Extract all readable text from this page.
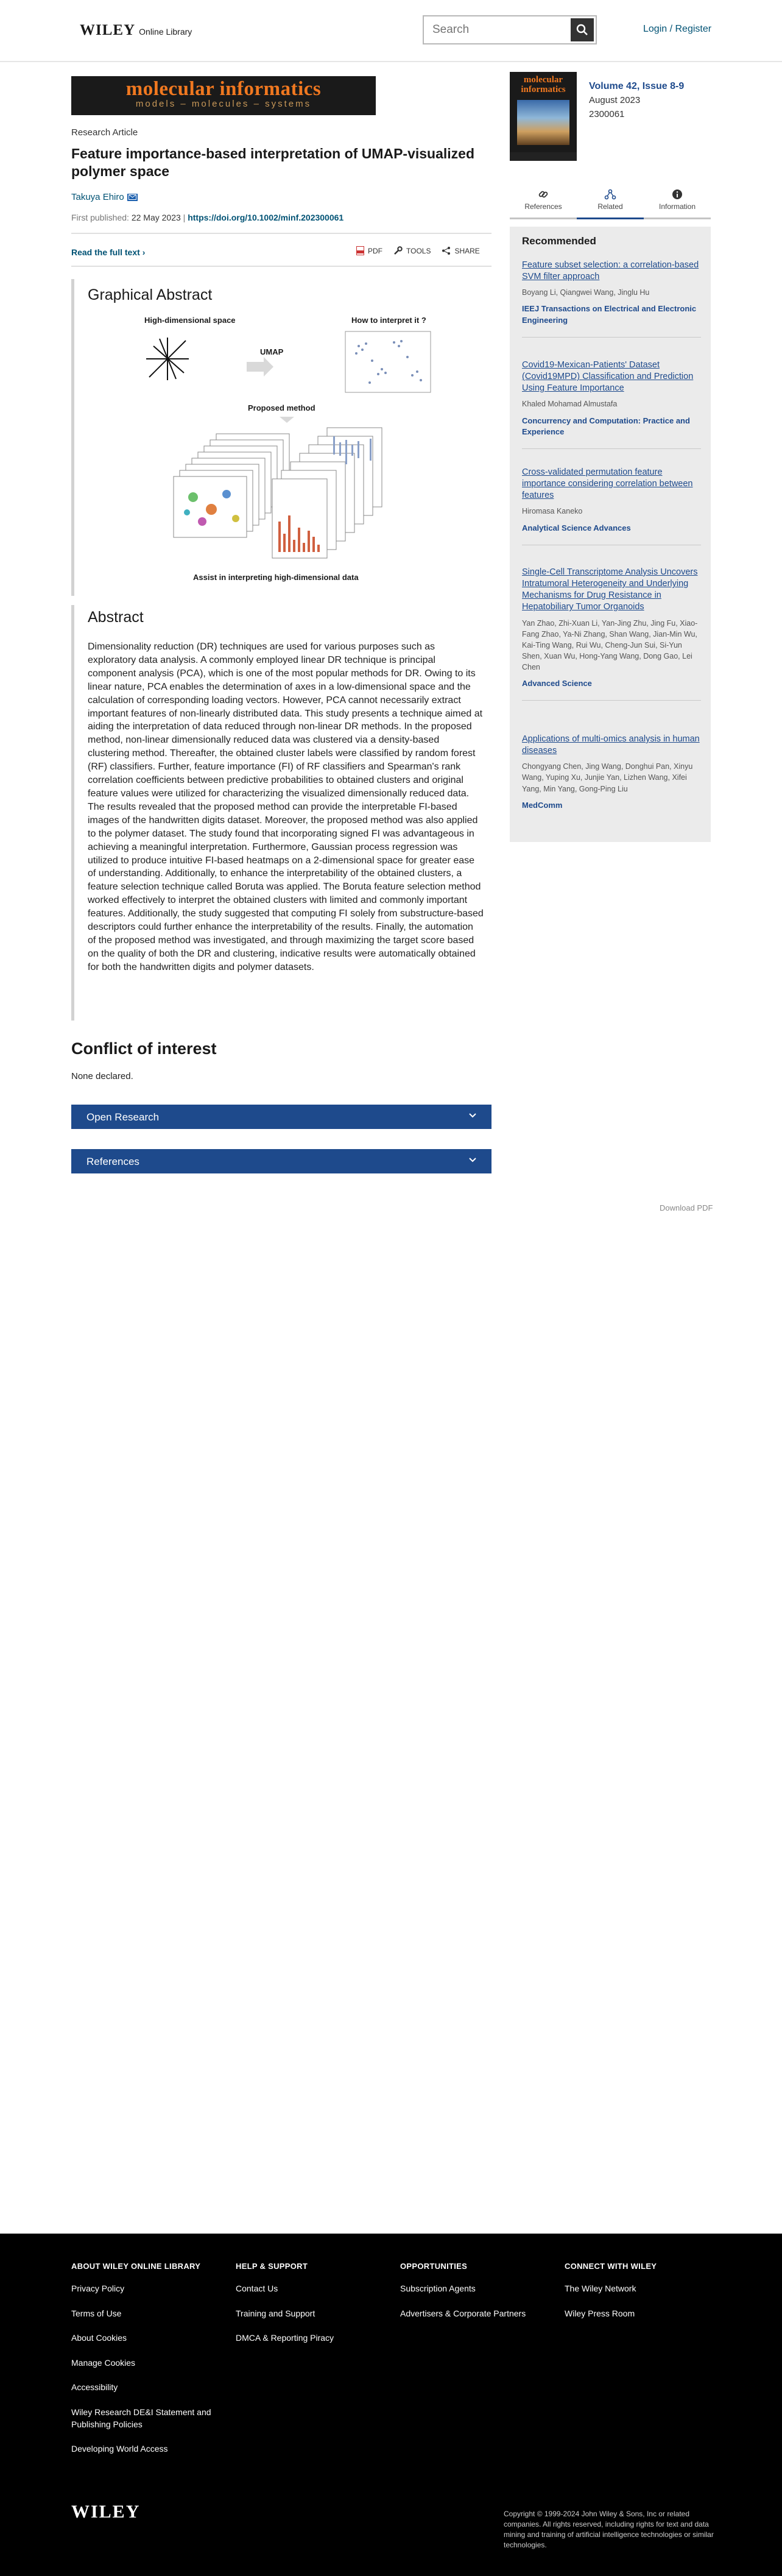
WILEY Online Library	Search	Login / Register
molecular informatics
models – molecules – systems
Research Article
Feature importance-based interpretation of UMAP-visualized polymer space
Takuya Ehiro
First published: 22 May 2023 | https://doi.org/10.1002/minf.202300061
Read the full text ›	PDF	TOOLS	SHARE
Graphical Abstract
High-dimensional space	How to interpret it ?
UMAP
Proposed method
Assist in interpreting high-dimensional data
Abstract

Dimensionality reduction (DR) techniques are used for various purposes such as exploratory data analysis. A commonly employed linear DR technique is principal component analysis (PCA), which is one of the most popular methods for DR. Owing to its linear nature, PCA enables the determination of axes in a low-dimensional space and the calculation of corresponding loading vectors. However, PCA cannot necessarily extract important features of non-linearly distributed data. This study presents a technique aimed at aiding the interpretation of data reduced through non-linear DR methods. In the proposed method, non-linear dimensionally reduced data was clustered via a density-based clustering method. Thereafter, the obtained cluster labels were classified by random forest (RF) classifiers. Further, feature importance (FI) of RF classifiers and Spearman's rank correlation coefficients between predictive probabilities to obtained clusters and original feature values were utilized for characterizing the visualized dimensionally reduced data. The results revealed that the proposed method can provide the interpretable FI-based images of the handwritten digits dataset. Moreover, the proposed method was also applied to the polymer dataset. The study found that incorporating signed FI was advantageous in achieving a meaningful interpretation. Furthermore, Gaussian process regression was utilized to produce intuitive FI-based heatmaps on a 2-dimensional space for greater ease of understanding. Additionally, to enhance the interpretability of the obtained clusters, a feature selection technique called Boruta was applied. The Boruta feature selection method worked effectively to interpret the obtained clusters with limited and commonly important features. Additionally, the study suggested that computing FI solely from substructure-based descriptors could further enhance the interpretability of the results. Finally, the automation of the proposed method was investigated, and through maximizing the target score based on the quality of both the DR and clustering, indicative results were automatically obtained for both the handwritten digits and polymer datasets.

Conflict of interest

None declared.

Open Research
References
Download PDF
molecular informatics	Volume 42, Issue 8-9
August 2023
2300061
References	Related	Information
Recommended
Feature subset selection: a correlation-based SVM filter approach
Boyang Li, Qiangwei Wang, Jinglu Hu
IEEJ Transactions on Electrical and Electronic Engineering
Covid19-Mexican-Patients' Dataset (Covid19MPD) Classification and Prediction Using Feature Importance
Khaled Mohamad Almustafa
Concurrency and Computation: Practice and Experience
Cross-validated permutation feature importance considering correlation between features
Hiromasa Kaneko
Analytical Science Advances
Single-Cell Transcriptome Analysis Uncovers Intratumoral Heterogeneity and Underlying Mechanisms for Drug Resistance in Hepatobiliary Tumor Organoids
Yan Zhao, Zhi-Xuan Li, Yan-Jing Zhu, Jing Fu, Xiao-Fang Zhao, Ya-Ni Zhang, Shan Wang, Jian-Min Wu, Kai-Ting Wang, Rui Wu, Cheng-Jun Sui, Si-Yun Shen, Xuan Wu, Hong-Yang Wang, Dong Gao, Lei Chen
Advanced Science
Applications of multi-omics analysis in human diseases
Chongyang Chen, Jing Wang, Donghui Pan, Xinyu Wang, Yuping Xu, Junjie Yan, Lizhen Wang, Xifei Yang, Min Yang, Gong-Ping Liu
MedComm
ABOUT WILEY ONLINE LIBRARY
Privacy Policy
Terms of Use
About Cookies
Manage Cookies
Accessibility
Wiley Research DE&I Statement and Publishing Policies
Developing World Access
HELP & SUPPORT
Contact Us
Training and Support
DMCA & Reporting Piracy
OPPORTUNITIES
Subscription Agents
Advertisers & Corporate Partners
CONNECT WITH WILEY
The Wiley Network
Wiley Press Room
WILEY	Copyright © 1999-2024 John Wiley & Sons, Inc or related companies. All rights reserved, including rights for text and data mining and training of artificial intelligence technologies or similar technologies.
